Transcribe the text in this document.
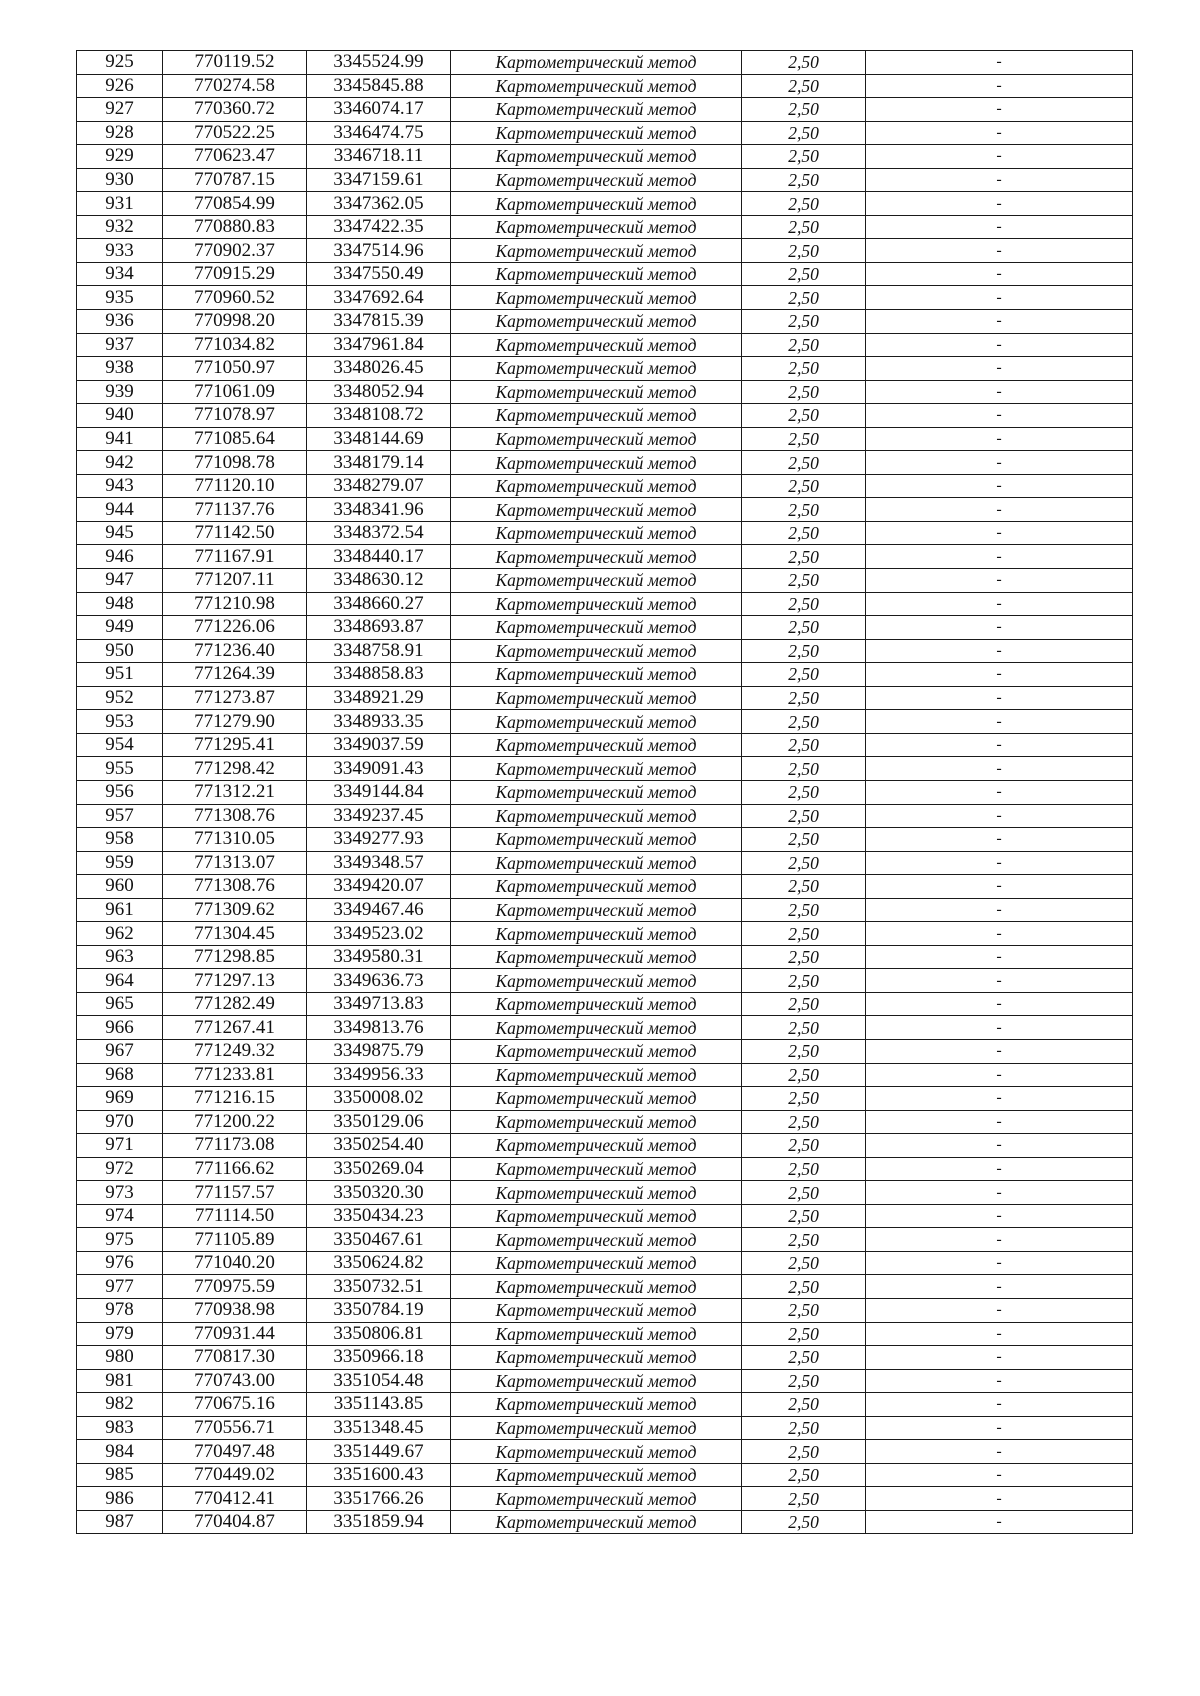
925	770119.52	3345524.99	Картометрический метод	2,50	-
926	770274.58	3345845.88	Картометрический метод	2,50	-
927	770360.72	3346074.17	Картометрический метод	2,50	-
928	770522.25	3346474.75	Картометрический метод	2,50	-
929	770623.47	3346718.11	Картометрический метод	2,50	-
930	770787.15	3347159.61	Картометрический метод	2,50	-
931	770854.99	3347362.05	Картометрический метод	2,50	-
932	770880.83	3347422.35	Картометрический метод	2,50	-
933	770902.37	3347514.96	Картометрический метод	2,50	-
934	770915.29	3347550.49	Картометрический метод	2,50	-
935	770960.52	3347692.64	Картометрический метод	2,50	-
936	770998.20	3347815.39	Картометрический метод	2,50	-
937	771034.82	3347961.84	Картометрический метод	2,50	-
938	771050.97	3348026.45	Картометрический метод	2,50	-
939	771061.09	3348052.94	Картометрический метод	2,50	-
940	771078.97	3348108.72	Картометрический метод	2,50	-
941	771085.64	3348144.69	Картометрический метод	2,50	-
942	771098.78	3348179.14	Картометрический метод	2,50	-
943	771120.10	3348279.07	Картометрический метод	2,50	-
944	771137.76	3348341.96	Картометрический метод	2,50	-
945	771142.50	3348372.54	Картометрический метод	2,50	-
946	771167.91	3348440.17	Картометрический метод	2,50	-
947	771207.11	3348630.12	Картометрический метод	2,50	-
948	771210.98	3348660.27	Картометрический метод	2,50	-
949	771226.06	3348693.87	Картометрический метод	2,50	-
950	771236.40	3348758.91	Картометрический метод	2,50	-
951	771264.39	3348858.83	Картометрический метод	2,50	-
952	771273.87	3348921.29	Картометрический метод	2,50	-
953	771279.90	3348933.35	Картометрический метод	2,50	-
954	771295.41	3349037.59	Картометрический метод	2,50	-
955	771298.42	3349091.43	Картометрический метод	2,50	-
956	771312.21	3349144.84	Картометрический метод	2,50	-
957	771308.76	3349237.45	Картометрический метод	2,50	-
958	771310.05	3349277.93	Картометрический метод	2,50	-
959	771313.07	3349348.57	Картометрический метод	2,50	-
960	771308.76	3349420.07	Картометрический метод	2,50	-
961	771309.62	3349467.46	Картометрический метод	2,50	-
962	771304.45	3349523.02	Картометрический метод	2,50	-
963	771298.85	3349580.31	Картометрический метод	2,50	-
964	771297.13	3349636.73	Картометрический метод	2,50	-
965	771282.49	3349713.83	Картометрический метод	2,50	-
966	771267.41	3349813.76	Картометрический метод	2,50	-
967	771249.32	3349875.79	Картометрический метод	2,50	-
968	771233.81	3349956.33	Картометрический метод	2,50	-
969	771216.15	3350008.02	Картометрический метод	2,50	-
970	771200.22	3350129.06	Картометрический метод	2,50	-
971	771173.08	3350254.40	Картометрический метод	2,50	-
972	771166.62	3350269.04	Картометрический метод	2,50	-
973	771157.57	3350320.30	Картометрический метод	2,50	-
974	771114.50	3350434.23	Картометрический метод	2,50	-
975	771105.89	3350467.61	Картометрический метод	2,50	-
976	771040.20	3350624.82	Картометрический метод	2,50	-
977	770975.59	3350732.51	Картометрический метод	2,50	-
978	770938.98	3350784.19	Картометрический метод	2,50	-
979	770931.44	3350806.81	Картометрический метод	2,50	-
980	770817.30	3350966.18	Картометрический метод	2,50	-
981	770743.00	3351054.48	Картометрический метод	2,50	-
982	770675.16	3351143.85	Картометрический метод	2,50	-
983	770556.71	3351348.45	Картометрический метод	2,50	-
984	770497.48	3351449.67	Картометрический метод	2,50	-
985	770449.02	3351600.43	Картометрический метод	2,50	-
986	770412.41	3351766.26	Картометрический метод	2,50	-
987	770404.87	3351859.94	Картометрический метод	2,50	-
